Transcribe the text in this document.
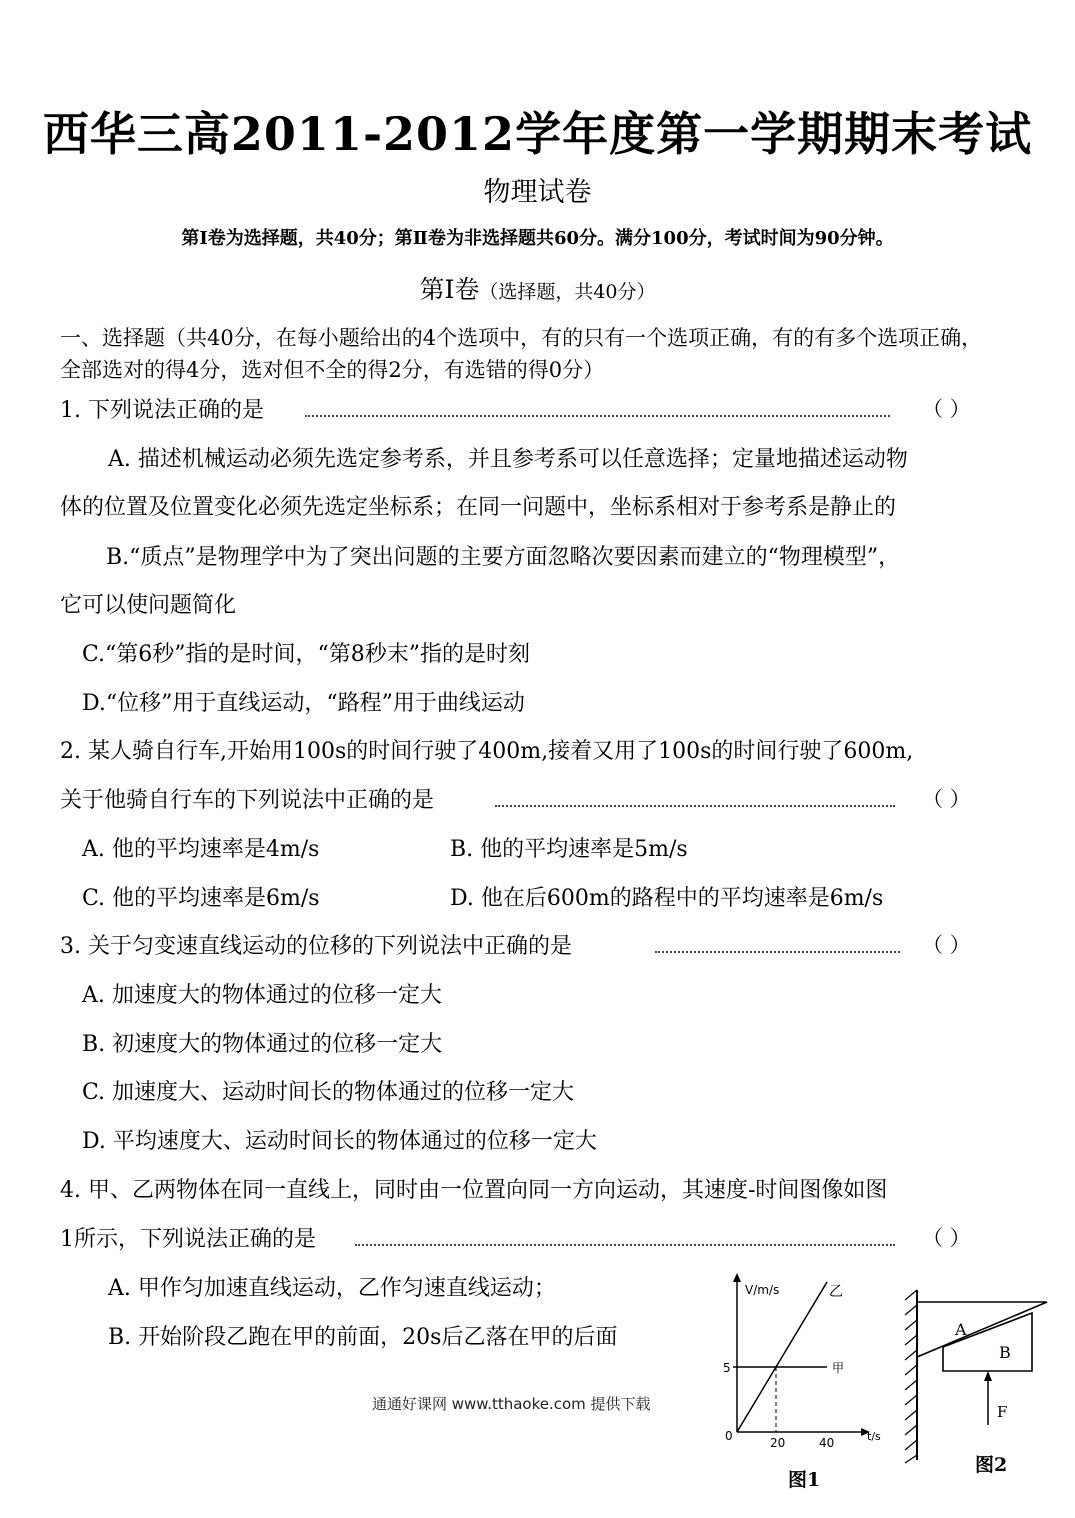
西华三高2011-2012学年度第一学期期末考试
物理试卷
第Ⅰ卷为选择题，共40分；第Ⅱ卷为非选择题共60分。满分100分，考试时间为90分钟。
第Ⅰ卷（选择题，共40分）
一、选择题（共40分，在每小题给出的4个选项中，有的只有一个选项正确，有的有多个选项正确，
全部选对的得4分，选对但不全的得2分，有选错的得0分）
1. 下列说法正确的是	（ ）
A. 描述机械运动必须先选定参考系，并且参考系可以任意选择；定量地描述运动物
体的位置及位置变化必须先选定坐标系；在同一问题中，坐标系相对于参考系是静止的
B.“质点”是物理学中为了突出问题的主要方面忽略次要因素而建立的“物理模型”，
它可以使问题简化
C.“第6秒”指的是时间，“第8秒末”指的是时刻
D.“位移”用于直线运动，“路程”用于曲线运动
2. 某人骑自行车,开始用100s的时间行驶了400m,接着又用了100s的时间行驶了600m,
关于他骑自行车的下列说法中正确的是	（ ）
A. 他的平均速率是4m/s	B. 他的平均速率是5m/s
C. 他的平均速率是6m/s	D. 他在后600m的路程中的平均速率是6m/s
3. 关于匀变速直线运动的位移的下列说法中正确的是	（ ）
A. 加速度大的物体通过的位移一定大
B. 初速度大的物体通过的位移一定大
C. 加速度大、运动时间长的物体通过的位移一定大
D. 平均速度大、运动时间长的物体通过的位移一定大
4. 甲、乙两物体在同一直线上，同时由一位置向同一方向运动，其速度-时间图像如图
1所示，下列说法正确的是	（ ）
A. 甲作匀加速直线运动，乙作匀速直线运动；
B. 开始阶段乙跑在甲的前面，20s后乙落在甲的后面
通通好课网 www.tthaoke.com 提供下载
5
0	20	40
V/m/s
t/s
乙
甲
图1
A
B
F
图2
